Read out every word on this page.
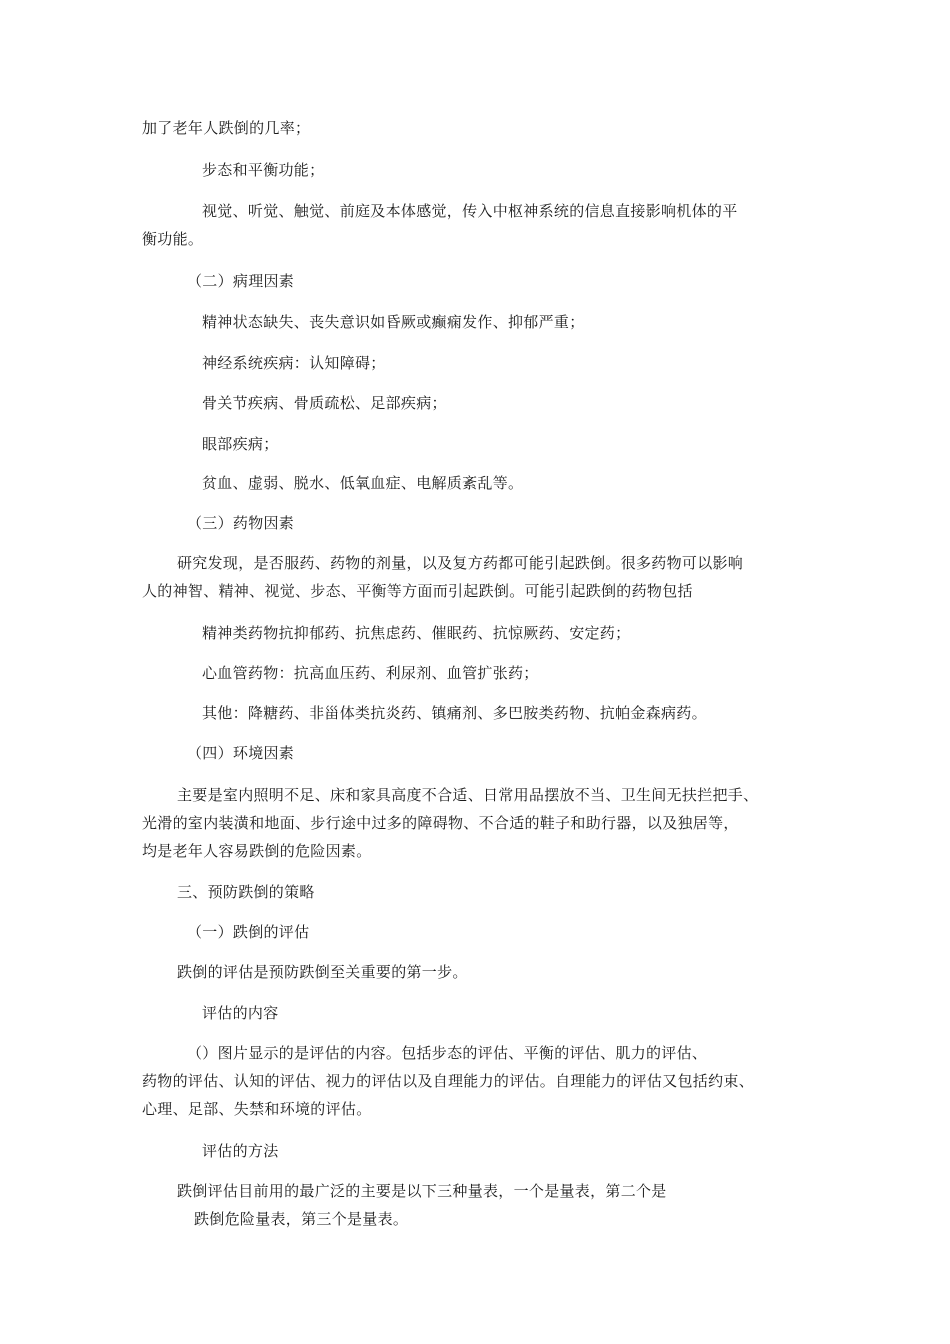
加了老年人跌倒的几率；
步态和平衡功能；
视觉、听觉、触觉、前庭及本体感觉，传入中枢神系统的信息直接影响机体的平
衡功能。
（二）病理因素
精神状态缺失、丧失意识如昏厥或癫痫发作、抑郁严重；
神经系统疾病：认知障碍；
骨关节疾病、骨质疏松、足部疾病；
眼部疾病；
贫血、虚弱、脱水、低氧血症、电解质紊乱等。
（三）药物因素
研究发现，是否服药、药物的剂量，以及复方药都可能引起跌倒。很多药物可以影响
人的神智、精神、视觉、步态、平衡等方面而引起跌倒。可能引起跌倒的药物包括
精神类药物抗抑郁药、抗焦虑药、催眠药、抗惊厥药、安定药；
心血管药物：抗高血压药、利尿剂、血管扩张药；
其他：降糖药、非甾体类抗炎药、镇痛剂、多巴胺类药物、抗帕金森病药。
（四）环境因素
主要是室内照明不足、床和家具高度不合适、日常用品摆放不当、卫生间无扶拦把手、
光滑的室内装潢和地面、步行途中过多的障碍物、不合适的鞋子和助行器，以及独居等，
均是老年人容易跌倒的危险因素。
三、预防跌倒的策略
（一）跌倒的评估
跌倒的评估是预防跌倒至关重要的第一步。
评估的内容
（）图片显示的是评估的内容。包括步态的评估、平衡的评估、肌力的评估、
药物的评估、认知的评估、视力的评估以及自理能力的评估。自理能力的评估又包括约束、
心理、足部、失禁和环境的评估。
评估的方法
跌倒评估目前用的最广泛的主要是以下三种量表，一个是量表，第二个是
跌倒危险量表，第三个是量表。
